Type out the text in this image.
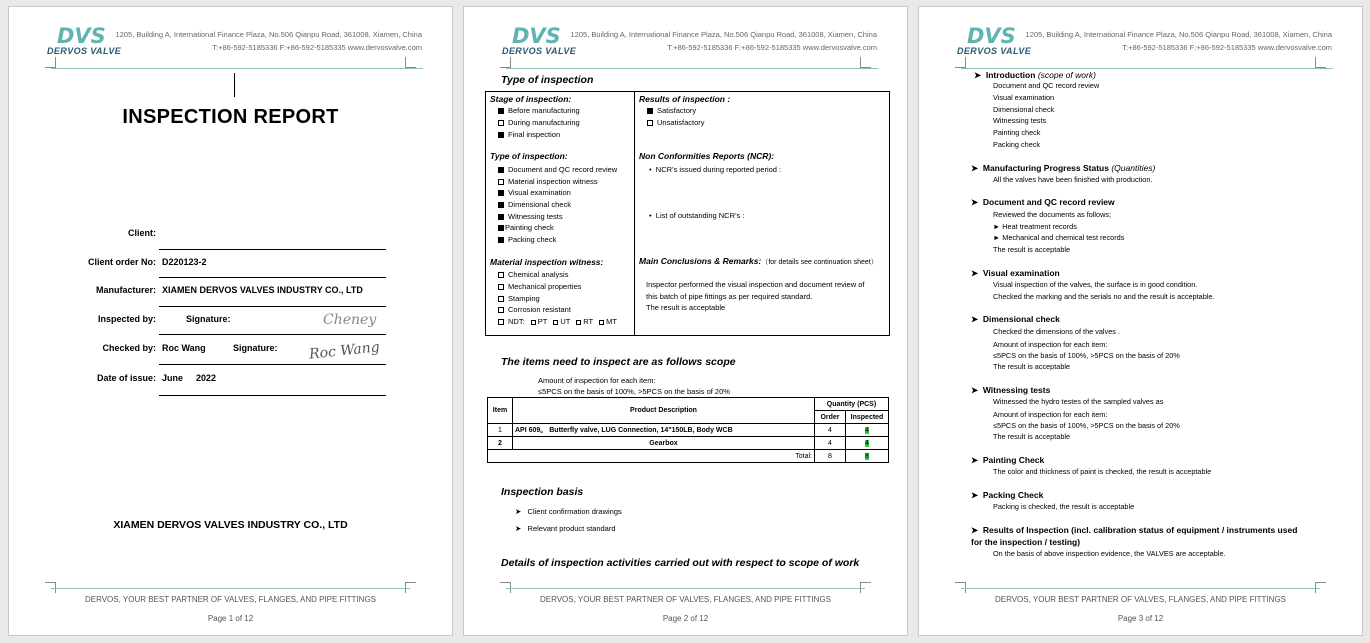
DVS
DERVOS VALVE
1205, Building A, International Finance Plaza, No.506 Qianpu Road, 361008, Xiamen, China
T:+86-592-5185336 F:+86-592-5185335 www.dervosvalve.com
INSPECTION REPORT
Client:
Client order No: D220123-2
Manufacturer: XIAMEN DERVOS VALVES INDUSTRY CO., LTD
Inspected by:	Signature:	Cheney
Checked by: Roc Wang	Signature: Roc Wang
Date of issue: June 2022
XIAMEN DERVOS VALVES INDUSTRY CO., LTD
DERVOS, YOUR BEST PARTNER OF VALVES, FLANGES, AND PIPE FITTINGS
Page 1 of 12
DVS
DERVOS VALVE
1205, Building A, International Finance Plaza, No.506 Qianpu Road, 361008, Xiamen, China
T:+86-592-5185336 F:+86-592-5185335 www.dervosvalve.com
Type of inspection
Stage of inspection:
Before manufacturing
During manufacturing
Final inspection
Type of inspection:
Document and QC record review
Material inspection witness
Visual examination
Dimensional check
Witnessing tests
Painting check
Packing check
Material inspection witness:
Chemical analysis
Mechanical properties
Stamping
Corrosion resistant
NDT: PT UT RT MT
Results of inspection :
Satisfactory
Unsatisfactory
Non Conformities Reports (NCR):
•  NCR’s issued during reported period :
•  List of outstanding NCR’s :
Main Conclusions & Remarks:（for details see continuation sheet）
Inspector performed the visual inspection and document review of
this batch of pipe fittings as per required standard.
The result is acceptable
The items need to inspect are as follows scope
Amount of inspection for each item:
≤5PCS on the basis of 100%, >5PCS on the basis of 20%
Item	Product Description	Quantity (PCS)	
		Order	Inspected
1	API 609。 Butterfly valve, LUG Connection, 14"150LB, Body WCB	4	4
2	Gearbox	4	4
Total:		8	8
Inspection basis
➤   Client confirmation drawings
➤   Relevant product standard
Details of inspection activities carried out with respect to scope of work
DERVOS, YOUR BEST PARTNER OF VALVES, FLANGES, AND PIPE FITTINGS
Page 2 of 12
DVS
DERVOS VALVE
1205, Building A, International Finance Plaza, No.506 Qianpu Road, 361008, Xiamen, China
T:+86-592-5185336 F:+86-592-5185335 www.dervosvalve.com
➤  Introduction (scope of work)
Document and QC record review
Visual examination
Dimensional check
Witnessing tests
Painting check
Packing check
➤  Manufacturing Progress Status (Quantities)
All the valves have been finished with production.
➤  Document and QC record review
Reviewed the documents as follows;
► Heat treatment records
► Mechanical and chemical test records
The result is acceptable
➤  Visual examination
Visual inspection of the valves, the surface is in good condition.
Checked the marking and the serials no and the result is acceptable.
➤  Dimensional check
Checked the dimensions of the valves .
Amount of inspection for each item:
≤5PCS on the basis of 100%, >5PCS on the basis of 20%
The result is acceptable
➤  Witnessing tests
Witnessed the hydro testes of the sampled valves as
Amount of inspection for each item:
≤5PCS on the basis of 100%, >5PCS on the basis of 20%
The result is acceptable
➤  Painting Check
The color and thickness of paint is checked, the result is acceptable
➤  Packing Check
Packing is checked, the result is acceptable
➤  Results of Inspection (incl. calibration status of equipment / instruments used
for the inspection / testing)
On the basis of above inspection evidence, the VALVES are acceptable.
DERVOS, YOUR BEST PARTNER OF VALVES, FLANGES, AND PIPE FITTINGS
Page 3 of 12
